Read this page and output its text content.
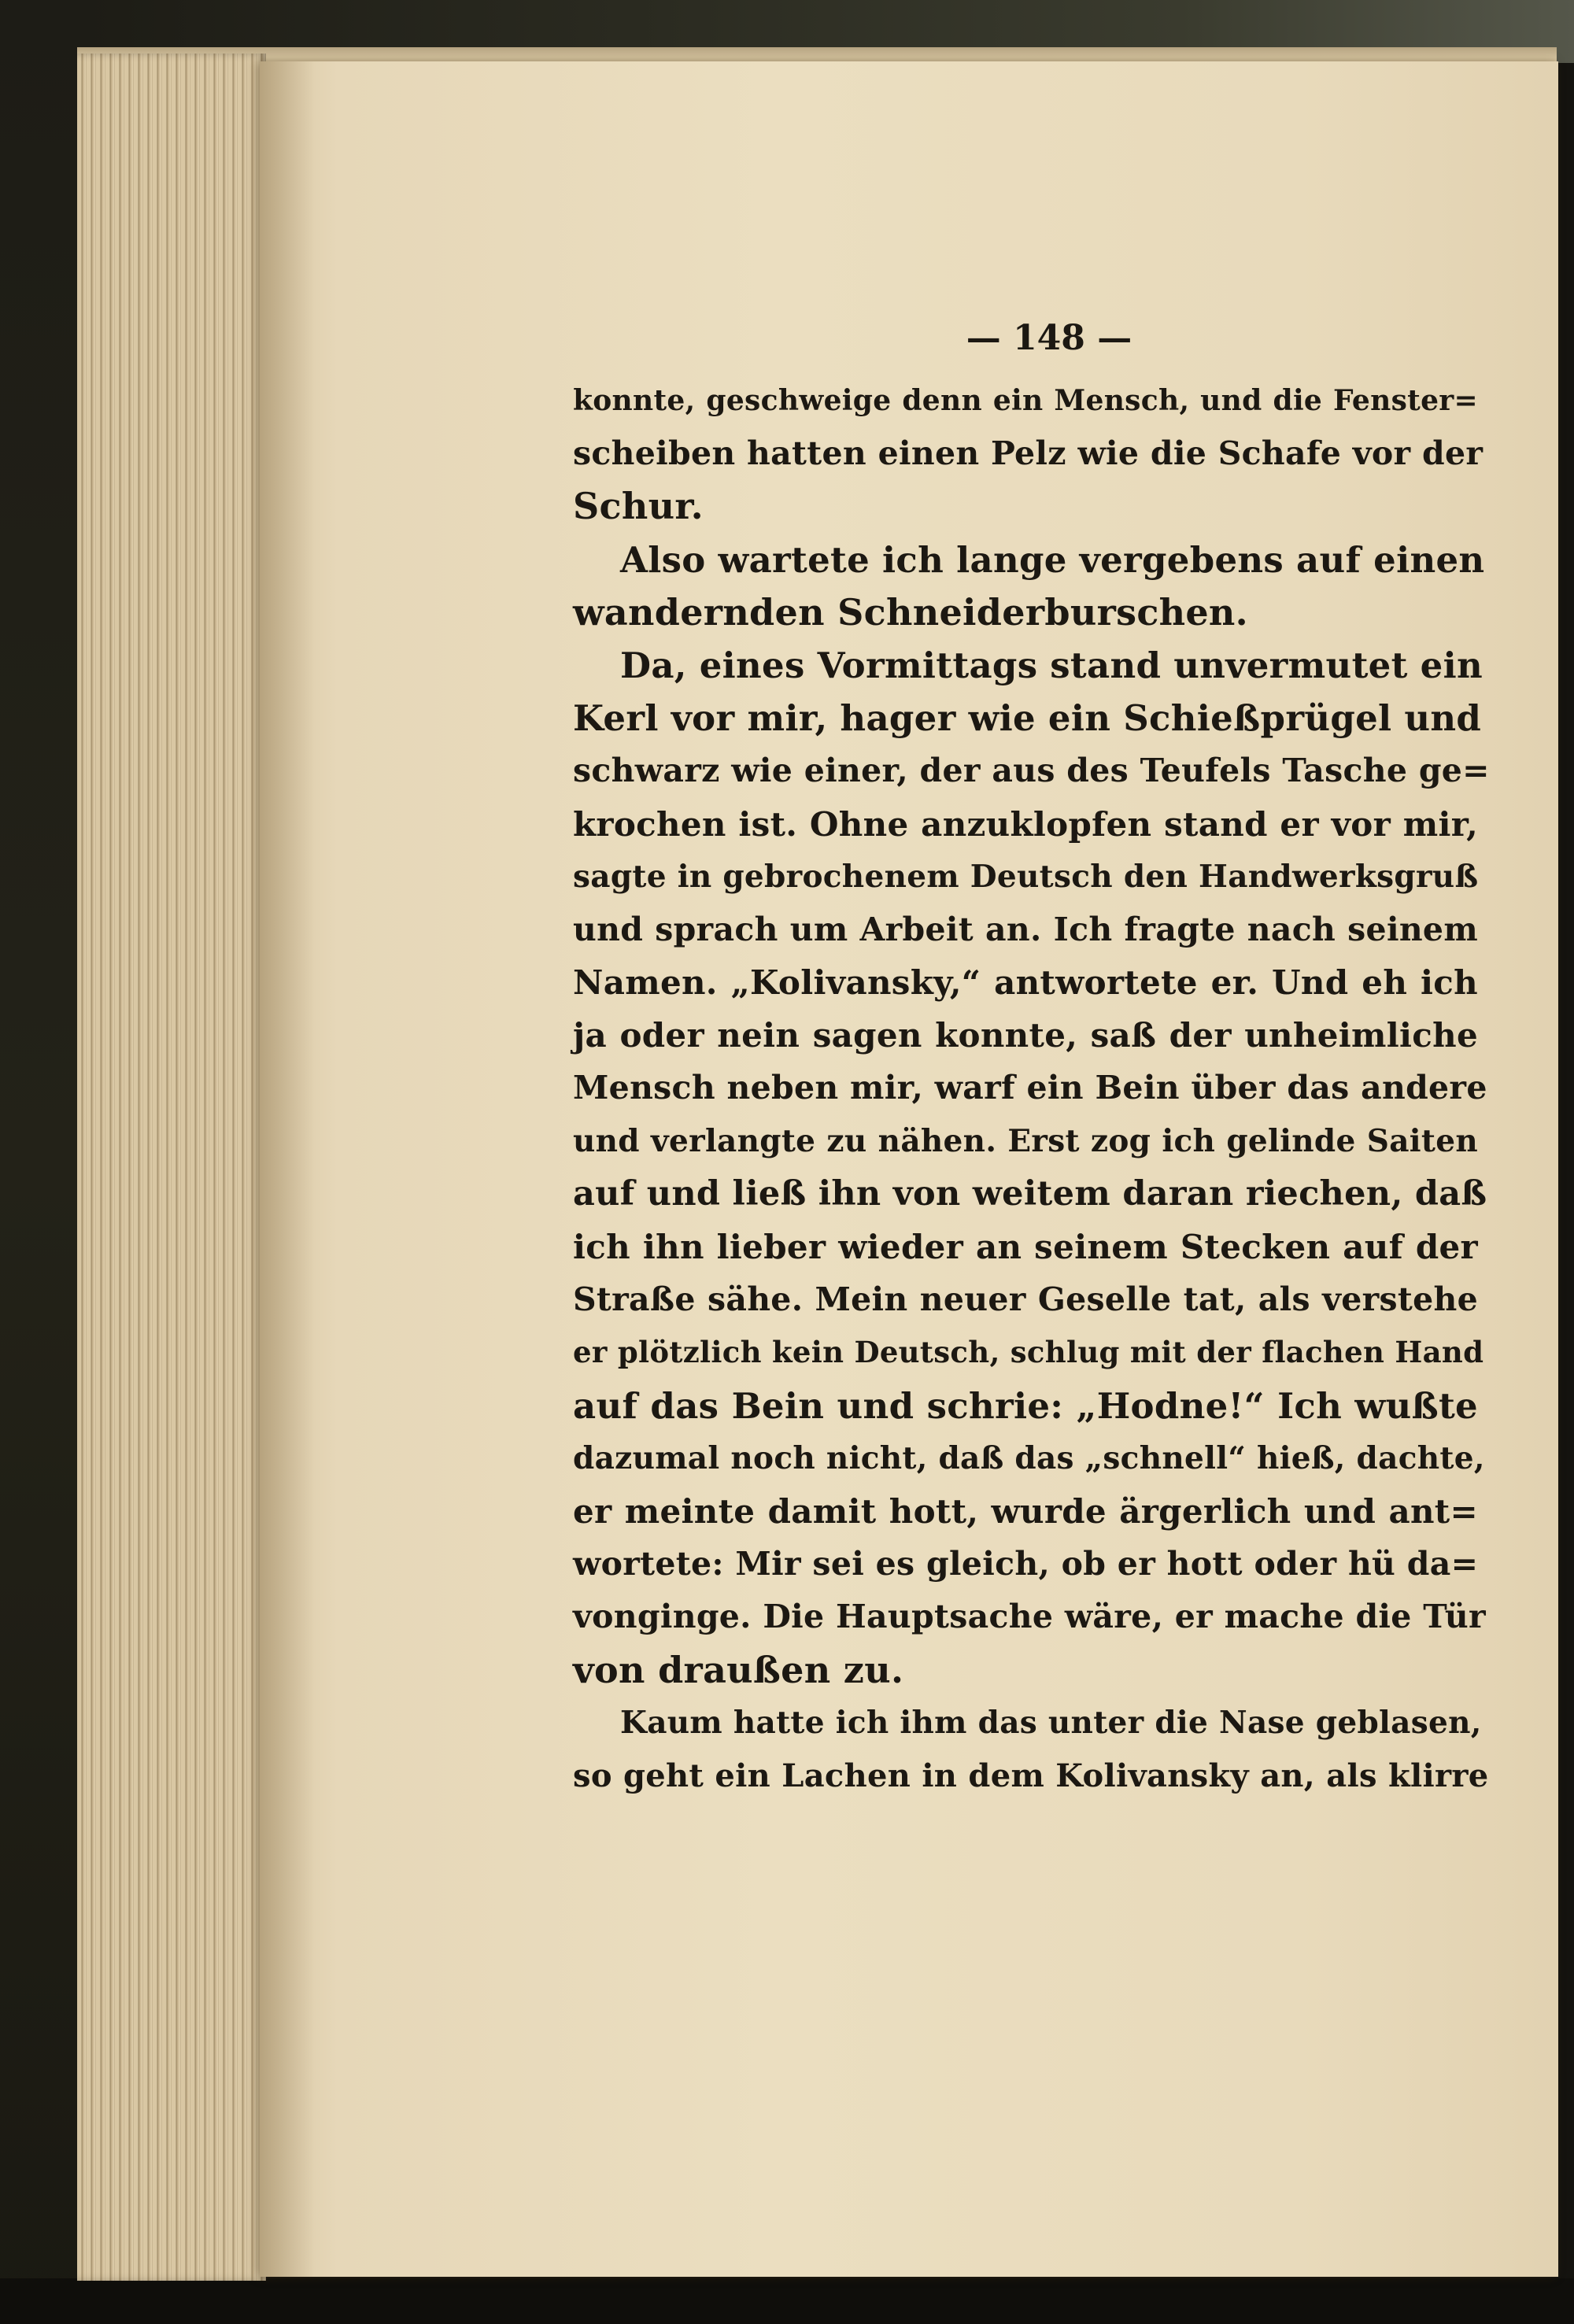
— 148 —
konnte, geschweige denn ein Mensch, und die Fenster=
scheiben hatten einen Pelz wie die Schafe vor der
Schur.
Also wartete ich lange vergebens auf einen
wandernden Schneiderburschen.
Da, eines Vormittags stand unvermutet ein
Kerl vor mir, hager wie ein Schießprügel und
schwarz wie einer, der aus des Teufels Tasche ge=
krochen ist. Ohne anzuklopfen stand er vor mir,
sagte in gebrochenem Deutsch den Handwerksgruß
und sprach um Arbeit an. Ich fragte nach seinem
Namen. „Kolivansky,“ antwortete er. Und eh ich
ja oder nein sagen konnte, saß der unheimliche
Mensch neben mir, warf ein Bein über das andere
und verlangte zu nähen. Erst zog ich gelinde Saiten
auf und ließ ihn von weitem daran riechen, daß
ich ihn lieber wieder an seinem Stecken auf der
Straße sähe. Mein neuer Geselle tat, als verstehe
er plötzlich kein Deutsch, schlug mit der flachen Hand
auf das Bein und schrie: „Hodne!“ Ich wußte
dazumal noch nicht, daß das „schnell“ hieß, dachte,
er meinte damit hott, wurde ärgerlich und ant=
wortete: Mir sei es gleich, ob er hott oder hü da=
vonginge. Die Hauptsache wäre, er mache die Tür
von draußen zu.
Kaum hatte ich ihm das unter die Nase geblasen,
so geht ein Lachen in dem Kolivansky an, als klirre
